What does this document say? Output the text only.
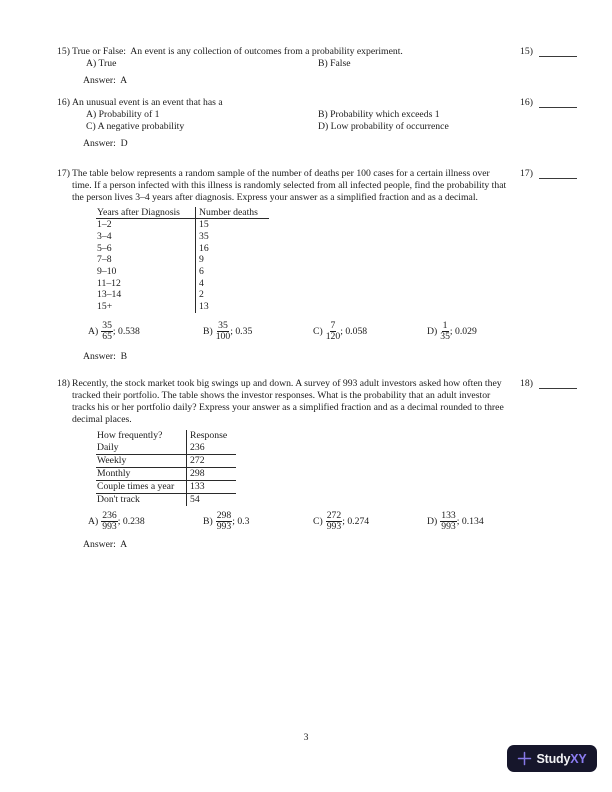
15) True or False:  An event is any collection of outcomes from a probability experiment.
A) True	B) False
Answer: A
15)
16) An unusual event is an event that has a
A) Probability of 1	B) Probability which exceeds 1
C) A negative probability	D) Low probability of occurrence
Answer: D
16)
17) The table below represents a random sample of the number of deaths per 100 cases for a certain illness over time. If a person infected with this illness is randomly selected from all infected people, find the probability that the person lives 3–4 years after diagnosis. Express your answer as a simplified fraction and as a decimal.
Years after Diagnosis	Number deaths
1–2	15
3–4	35
5–6	16
7–8	9
9–10	6
11–12	4
13–14	2
15+	13
$A) \frac{35}{65}$ ; 0.538	$B) \frac{35}{100}$ ; 0.35	$C) \frac{7}{120}$ ; 0.058	$D) \frac{1}{35}$ ; 0.029
Answer: B
17)
18) Recently, the stock market took big swings up and down. A survey of 993 adult investors asked how often they tracked their portfolio. The table shows the investor responses. What is the probability that an adult investor tracks his or her portfolio daily? Express your answer as a simplified fraction and as a decimal rounded to three decimal places.
How frequently?	Response
Daily	236
Weekly	272
Monthly	298
Couple times a year	133
Don't track	54
$A) \frac{236}{993}$ ; 0.238	$B) \frac{298}{993}$ ; 0.3	$C) \frac{272}{993}$ ; 0.274	$D) \frac{133}{993}$ ; 0.134
Answer: A
18)
3
StudyXY
